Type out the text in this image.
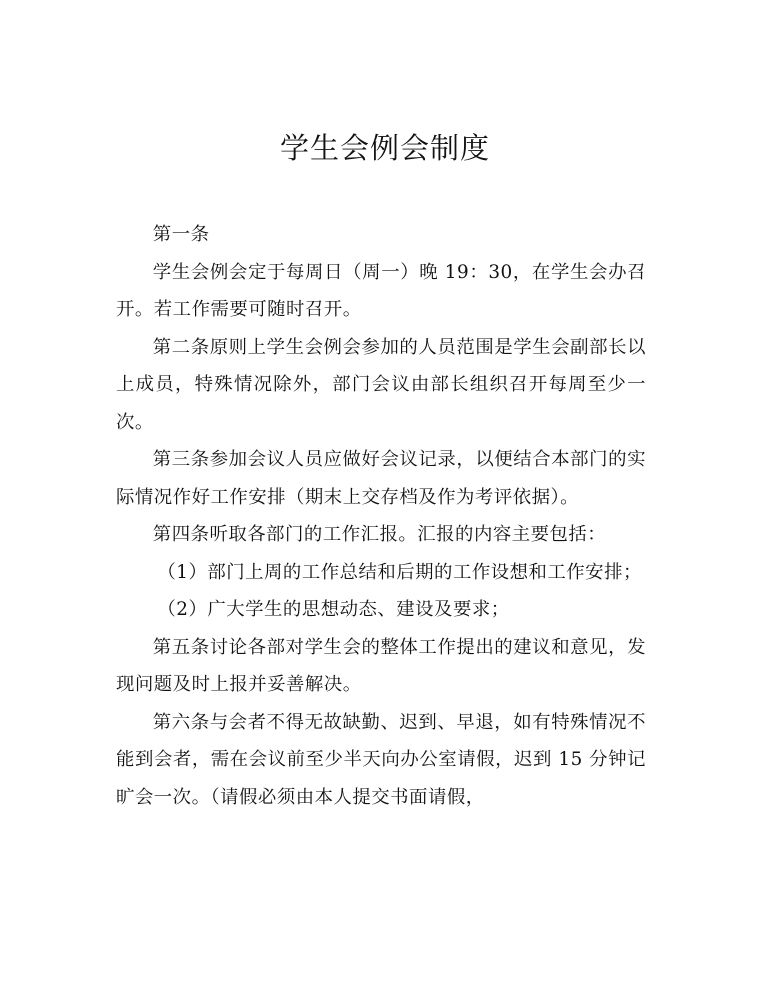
学生会例会制度

第一条

学生会例会定于每周日（周一）晚 19：30，在学生会办召开。若工作需要可随时召开。

第二条原则上学生会例会参加的人员范围是学生会副部长以上成员，特殊情况除外，部门会议由部长组织召开每周至少一次。

第三条参加会议人员应做好会议记录，以便结合本部门的实际情况作好工作安排（期末上交存档及作为考评依据）。

第四条听取各部门的工作汇报。汇报的内容主要包括：

（1）部门上周的工作总结和后期的工作设想和工作安排；

（2）广大学生的思想动态、建设及要求；

第五条讨论各部对学生会的整体工作提出的建议和意见，发现问题及时上报并妥善解决。

第六条与会者不得无故缺勤、迟到、早退，如有特殊情况不能到会者，需在会议前至少半天向办公室请假，迟到 15 分钟记旷会一次。（请假必须由本人提交书面请假，
